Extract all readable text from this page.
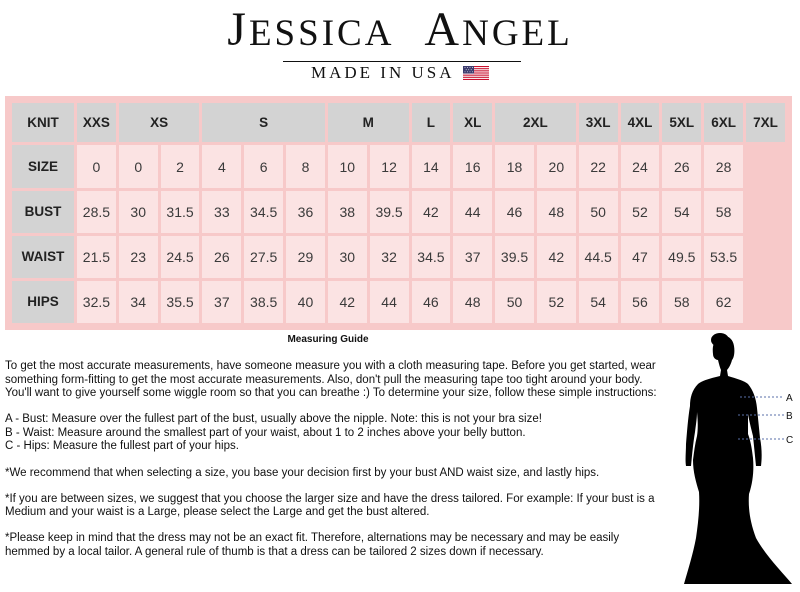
JESSICA ANGEL
MADE IN USA
KNIT	XXS	XS		S			M		L	XL	2XL		3XL	4XL	5XL	6XL	7XL
SIZE	0	0	2	4	6	8	10	12	14	16	18	20	22	24	26	28	
BUST	28.5	30	31.5	33	34.5	36	38	39.5	42	44	46	48	50	52	54	58	
WAIST	21.5	23	24.5	26	27.5	29	30	32	34.5	37	39.5	42	44.5	47	49.5	53.5	
HIPS	32.5	34	35.5	37	38.5	40	42	44	46	48	50	52	54	56	58	62	
Measuring Guide

To get the most accurate measurements, have someone measure you with a cloth measuring tape. Before you get started, wear something form-fitting to get the most accurate measurements. Also, don't pull the measuring tape too tight around your body. You'll want to give yourself some wiggle room so that you can breathe :) To determine your size, follow these simple instructions:

A - Bust: Measure over the fullest part of the bust, usually above the nipple. Note: this is not your bra size!
B - Waist: Measure around the smallest part of your waist, about 1 to 2 inches above your belly button.
C - Hips: Measure the fullest part of your hips.

*We recommend that when selecting a size, you base your decision first by your bust AND waist size, and lastly hips.

*If you are between sizes, we suggest that you choose the larger size and have the dress tailored. For example: If your bust is a Medium and your waist is a Large, please select the Large and get the bust altered.

*Please keep in mind that the dress may not be an exact fit. Therefore, alternations may be necessary and may be easily hemmed by a local tailor. A general rule of thumb is that a dress can be tailored 2 sizes down if necessary.

A
B
C
